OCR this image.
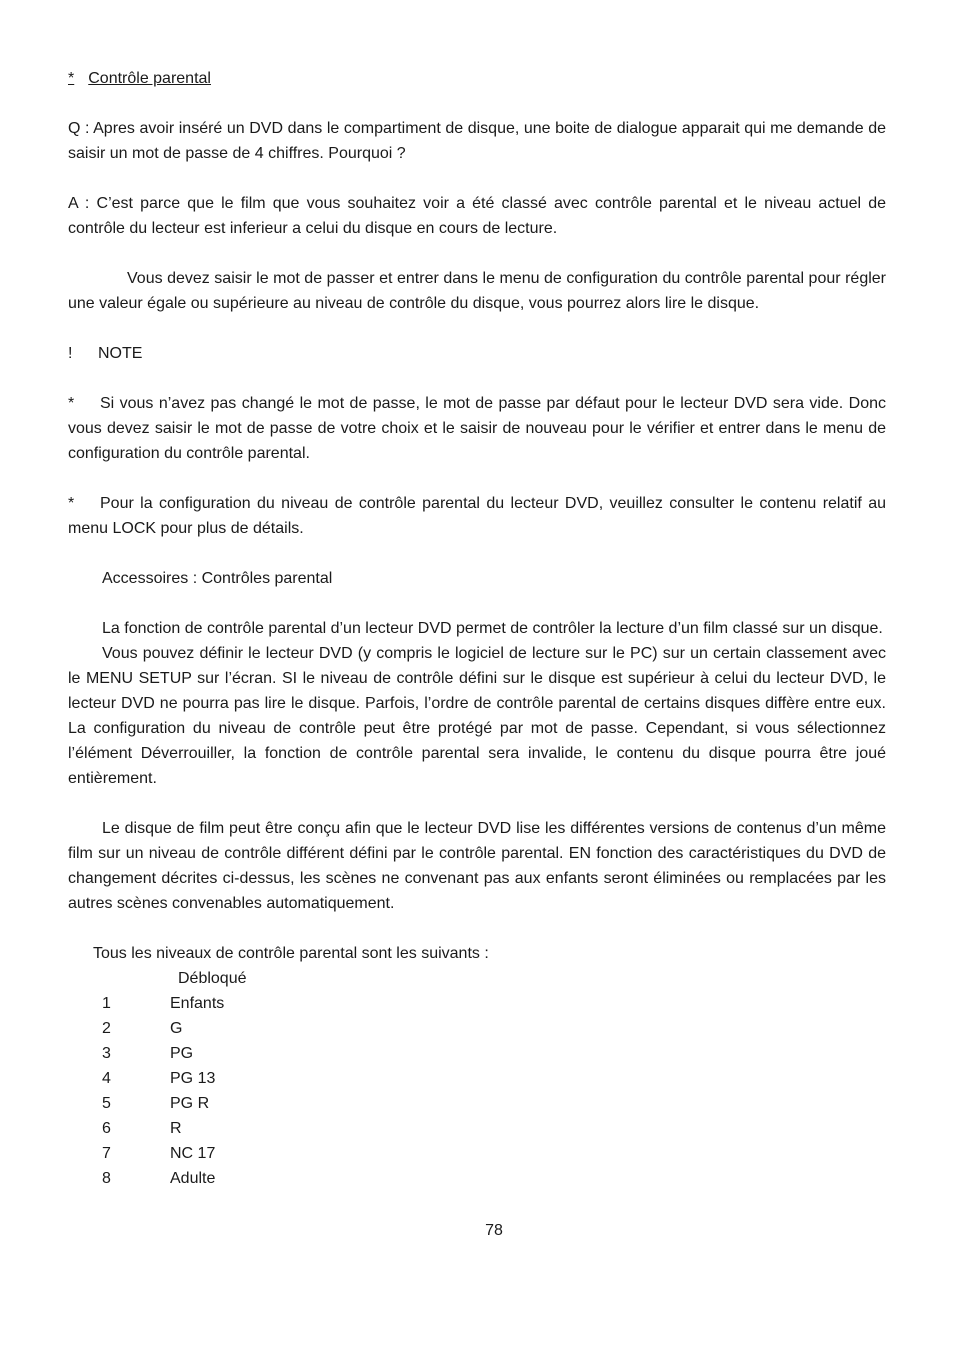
* Contrôle parental

Q : Apres avoir inséré un DVD dans le compartiment de disque, une boite de dialogue apparait qui me demande de saisir un mot de passe de 4 chiffres. Pourquoi ?

A : C’est parce que le film que vous souhaitez voir a été classé avec contrôle parental et le niveau actuel de contrôle du lecteur est inferieur a celui du disque en cours de lecture.

Vous devez saisir le mot de passer et entrer dans le menu de configuration du contrôle parental pour régler une valeur égale ou supérieure au niveau de contrôle du disque, vous pourrez alors lire le disque.

! NOTE

* Si vous n’avez pas changé le mot de passe, le mot de passe par défaut pour le lecteur DVD sera vide. Donc vous devez saisir le mot de passe de votre choix et le saisir de nouveau pour le vérifier et entrer dans le menu de configuration du contrôle parental.

* Pour la configuration du niveau de contrôle parental du lecteur DVD, veuillez consulter le contenu relatif au menu LOCK pour plus de détails.

Accessoires : Contrôles parental

La fonction de contrôle parental d’un lecteur DVD permet de contrôler la lecture d’un film classé sur un disque.

Vous pouvez définir le lecteur DVD (y compris le logiciel de lecture sur le PC) sur un certain classement avec le MENU SETUP sur l’écran. SI le niveau de contrôle défini sur le disque est supérieur à celui du lecteur DVD, le lecteur DVD ne pourra pas lire le disque. Parfois, l’ordre de contrôle parental de certains disques diffère entre eux. La configuration du niveau de contrôle peut être protégé par mot de passe. Cependant, si vous sélectionnez l’élément Déverrouiller, la fonction de contrôle parental sera invalide, le contenu du disque pourra être joué entièrement.

Le disque de film peut être conçu afin que le lecteur DVD lise les différentes versions de contenus d’un même film sur un niveau de contrôle différent défini par le contrôle parental. EN fonction des caractéristiques du DVD de changement décrites ci-dessus, les scènes ne convenant pas aux enfants seront éliminées ou remplacées par les autres scènes convenables automatiquement.

Tous les niveaux de contrôle parental sont les suivants :

Débloqué
1	Enfants
2	G
3	PG
4	PG 13
5	PG R
6	R
7	NC 17
8	Adulte
78
